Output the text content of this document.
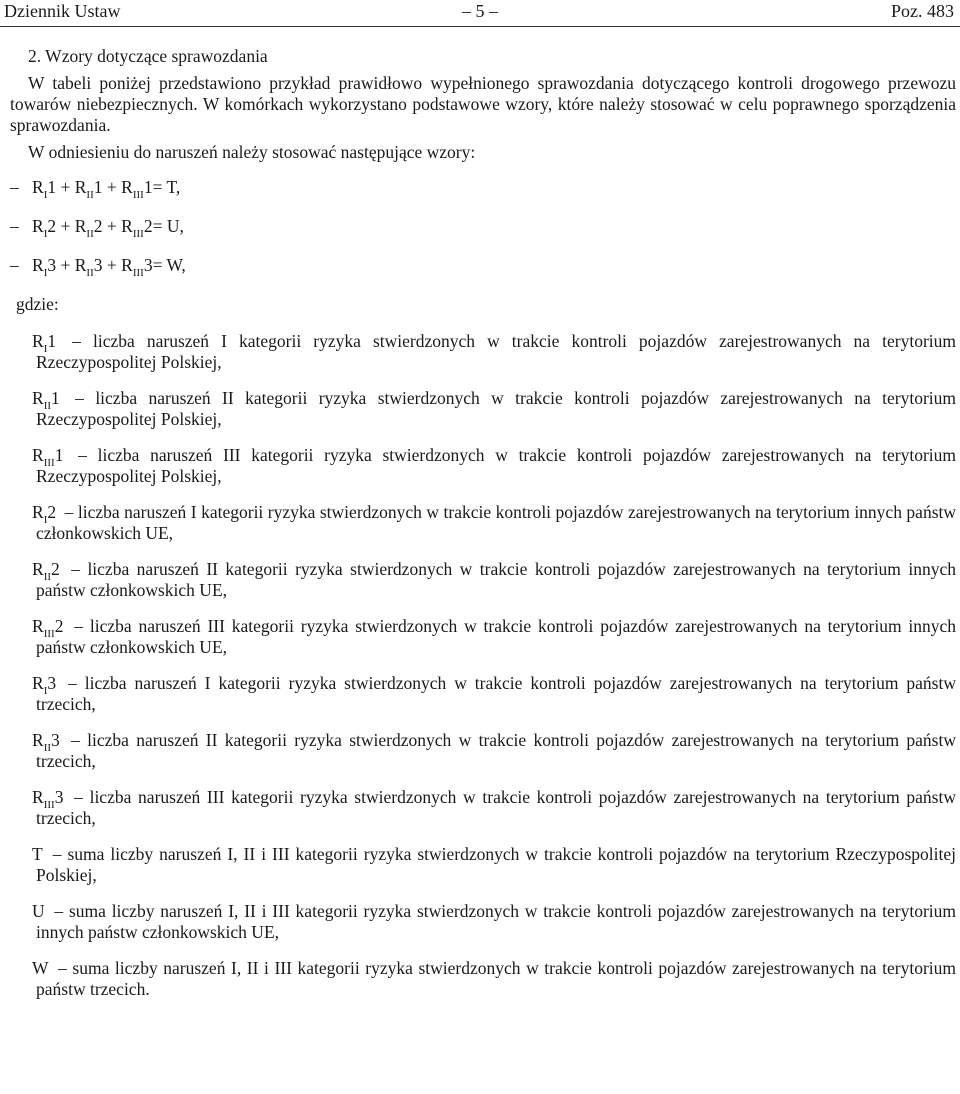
Dziennik Ustaw	– 5 –	Poz. 483
2. Wzory dotyczące sprawozdania

W tabeli poniżej przedstawiono przykład prawidłowo wypełnionego sprawozdania dotyczącego kontroli drogowego przewozu towarów niebezpiecznych. W komórkach wykorzystano podstawowe wzory, które należy stosować w celu poprawnego sporządzenia sprawozdania.

W odniesieniu do naruszeń należy stosować następujące wzory:

– $R_I1 + R_{II}1 + R_{III}1= T$,
– $R_I2 + R_{II}2 + R_{III}2= U$,
– $R_I3 + R_{II}3 + R_{III}3= W$,
gdzie:
$R_I1$ – liczba naruszeń I kategorii ryzyka stwierdzonych w trakcie kontroli pojazdów zarejestrowanych na terytorium Rzeczypospolitej Polskiej,
$R_{II}1$ – liczba naruszeń II kategorii ryzyka stwierdzonych w trakcie kontroli pojazdów zarejestrowanych na terytorium Rzeczypospolitej Polskiej,
$R_{III}1$ – liczba naruszeń III kategorii ryzyka stwierdzonych w trakcie kontroli pojazdów zarejestrowanych na terytorium Rzeczypospolitej Polskiej,
$R_I2$ – liczba naruszeń I kategorii ryzyka stwierdzonych w trakcie kontroli pojazdów zarejestrowanych na terytorium innych państw członkowskich UE,
$R_{II}2$ – liczba naruszeń II kategorii ryzyka stwierdzonych w trakcie kontroli pojazdów zarejestrowanych na terytorium innych państw członkowskich UE,
$R_{III}2$ – liczba naruszeń III kategorii ryzyka stwierdzonych w trakcie kontroli pojazdów zarejestrowanych na terytorium innych państw członkowskich UE,
$R_I3$ – liczba naruszeń I kategorii ryzyka stwierdzonych w trakcie kontroli pojazdów zarejestrowanych na terytorium państw trzecich,
$R_{II}3$ – liczba naruszeń II kategorii ryzyka stwierdzonych w trakcie kontroli pojazdów zarejestrowanych na terytorium państw trzecich,
$R_{III}3$ – liczba naruszeń III kategorii ryzyka stwierdzonych w trakcie kontroli pojazdów zarejestrowanych na terytorium państw trzecich,
T – suma liczby naruszeń I, II i III kategorii ryzyka stwierdzonych w trakcie kontroli pojazdów na terytorium Rzeczypospolitej Polskiej,
U – suma liczby naruszeń I, II i III kategorii ryzyka stwierdzonych w trakcie kontroli pojazdów zarejestrowanych na terytorium innych państw członkowskich UE,
W – suma liczby naruszeń I, II i III kategorii ryzyka stwierdzonych w trakcie kontroli pojazdów zarejestrowanych na terytorium państw trzecich.
